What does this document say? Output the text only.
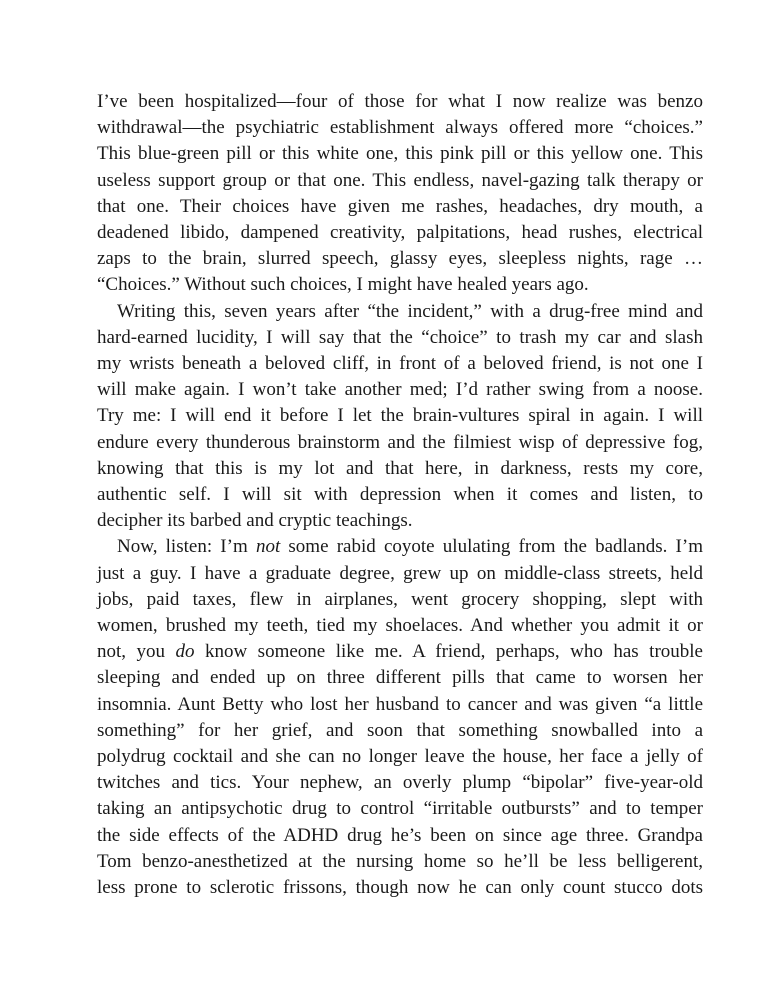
I’ve been hospitalized—four of those for what I now realize was benzo
withdrawal—the psychiatric establishment always offered more “choices.”
This blue-green pill or this white one, this pink pill or this yellow one. This
useless support group or that one. This endless, navel-gazing talk therapy or
that one. Their choices have given me rashes, headaches, dry mouth, a
deadened libido, dampened creativity, palpitations, head rushes, electrical
zaps to the brain, slurred speech, glassy eyes, sleepless nights, rage …
“Choices.” Without such choices, I might have healed years ago.

Writing this, seven years after “the incident,” with a drug-free mind and
hard-earned lucidity, I will say that the “choice” to trash my car and slash
my wrists beneath a beloved cliff, in front of a beloved friend, is not one I
will make again. I won’t take another med; I’d rather swing from a noose.
Try me: I will end it before I let the brain-vultures spiral in again. I will
endure every thunderous brainstorm and the filmiest wisp of depressive fog,
knowing that this is my lot and that here, in darkness, rests my core,
authentic self. I will sit with depression when it comes and listen, to
decipher its barbed and cryptic teachings.

Now, listen: I’m not some rabid coyote ululating from the badlands. I’m
just a guy. I have a graduate degree, grew up on middle-class streets, held
jobs, paid taxes, flew in airplanes, went grocery shopping, slept with
women, brushed my teeth, tied my shoelaces. And whether you admit it or
not, you do know someone like me. A friend, perhaps, who has trouble
sleeping and ended up on three different pills that came to worsen her
insomnia. Aunt Betty who lost her husband to cancer and was given “a little
something” for her grief, and soon that something snowballed into a
polydrug cocktail and she can no longer leave the house, her face a jelly of
twitches and tics. Your nephew, an overly plump “bipolar” five-year-old
taking an antipsychotic drug to control “irritable outbursts” and to temper
the side effects of the ADHD drug he’s been on since age three. Grandpa
Tom benzo-anesthetized at the nursing home so he’ll be less belligerent,
less prone to sclerotic frissons, though now he can only count stucco dots
